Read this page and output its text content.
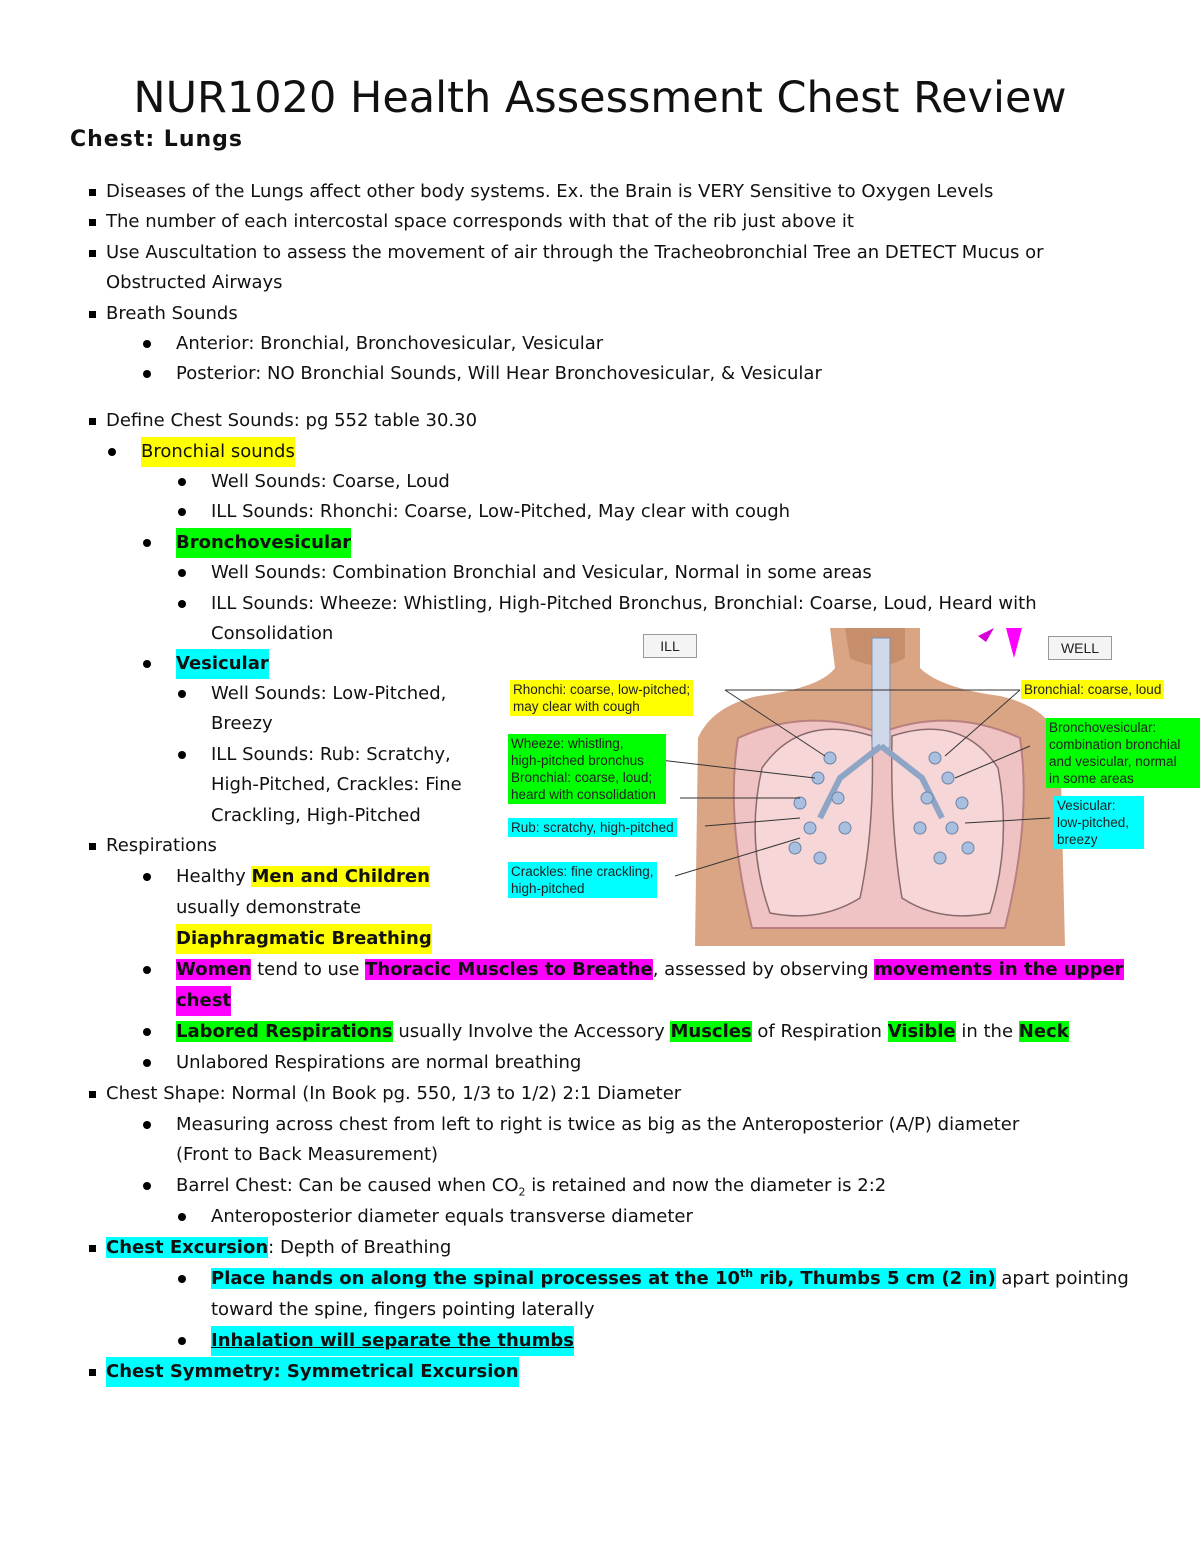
NUR1020 Health Assessment Chest Review
Chest: Lungs
Diseases of the Lungs affect other body systems. Ex. the Brain is VERY Sensitive to Oxygen Levels
The number of each intercostal space corresponds with that of the rib just above it
Use Auscultation to assess the movement of air through the Tracheobronchial Tree an DETECT Mucus or
Obstructed Airways
Breath Sounds
Anterior: Bronchial, Bronchovesicular, Vesicular
Posterior: NO Bronchial Sounds, Will Hear Bronchovesicular, & Vesicular
Define Chest Sounds: pg 552 table 30.30
Bronchial sounds
Well Sounds: Coarse, Loud
ILL Sounds: Rhonchi: Coarse, Low-Pitched, May clear with cough
Bronchovesicular
Well Sounds: Combination Bronchial and Vesicular, Normal in some areas
ILL Sounds: Wheeze: Whistling, High-Pitched Bronchus, Bronchial: Coarse, Loud, Heard with
Consolidation
Vesicular
Well Sounds: Low-Pitched,
Breezy
ILL Sounds: Rub: Scratchy,
High-Pitched, Crackles: Fine
Crackling, High-Pitched
Respirations
Healthy Men and Children
usually demonstrate
Diaphragmatic Breathing
Women tend to use Thoracic Muscles to Breathe, assessed by observing movements in the upper
chest
Labored Respirations usually Involve the Accessory Muscles of Respiration Visible in the Neck
Unlabored Respirations are normal breathing
Chest Shape: Normal (In Book pg. 550, 1/3 to 1/2) 2:1 Diameter
Measuring across chest from left to right is twice as big as the Anteroposterior (A/P) diameter
(Front to Back Measurement)
Barrel Chest: Can be caused when $CO_2$ is retained and now the diameter is 2:2
Anteroposterior diameter equals transverse diameter
Chest Excursion: Depth of Breathing
Place hands on along the spinal processes at the 10th rib, Thumbs 5 cm (2 in) apart pointing
toward the spine, fingers pointing laterally
Inhalation will separate the thumbs
Chest Symmetry: Symmetrical Excursion
ILL	WELL
Rhonchi: coarse, low-pitched;
may clear with cough
Wheeze: whistling,
high-pitched bronchus
Bronchial: coarse, loud;
heard with consolidation
Rub: scratchy, high-pitched
Crackles: fine crackling,
high-pitched
Bronchial: coarse, loud
Bronchovesicular:
combination bronchial
and vesicular, normal
in some areas
Vesicular:
low-pitched,
breezy
